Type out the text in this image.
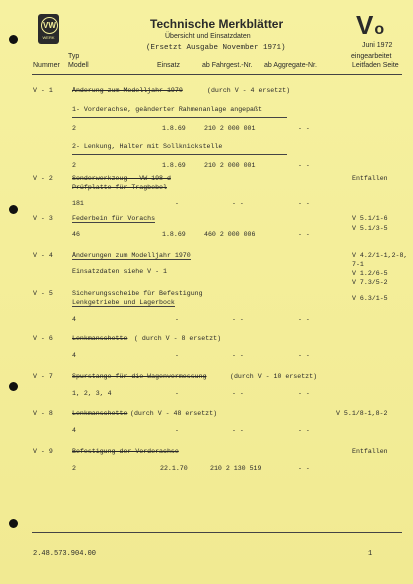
VW
WERK
Technische Merkblätter
Übersicht und Einsatzdaten
(Ersetzt Ausgabe November 1971)
Vo
Juni 1972
Typ
Nummer Modell	Einsatz	ab Fahrgest.-Nr. ab Aggregate-Nr.
eingearbeitet
Leitfaden Seite
V - 1	Änderung zum Modelljahr 1970	(durch V - 4 ersetzt)
1- Vorderachse, geänderter Rahmenanlage angepaßt
2	1.8.69	210 2 000 001	- -
2- Lenkung, Halter mit Sollknickstelle
2	1.8.69	210 2 000 001	- -
V - 2	Sonderwerkzeug - VW 198 d
Prüfplatte für Tragbebel
Entfallen
181	-	- -	- -
V - 3	Federbein für Vorachs	V 5.1/1-6
V 5.1/3-5
46	1.8.69	460 2 000 006	- -
V - 4	Änderungen zum Modelljahr 1970
Einsatzdaten siehe V - 1
V 4.2/1-1,2-8,
7-1
V 1.2/6-5
V 7.3/5-2
V - 5	Sicherungsscheibe für Befestigung
Lenkgetriebe und Lagerbock
V 6.3/1-5
4	-	- -	- -
V - 6	Lenkmanschette ( durch V - 8 ersetzt)
4	-	- -	- -
V - 7	Spurstange für die Wagenvermessung	(durch V - 10 ersetzt)
1, 2, 3, 4	-	- -	- -
V - 8	Lenkmanschette (durch V - 48 ersetzt)	V 5.1/8-1,8-2
4	-	- -	- -
V - 9	Befestigung der Vorderachse	Entfallen
2	22.1.70	210 2 130 519	- -
2.48.573.904.00	1
